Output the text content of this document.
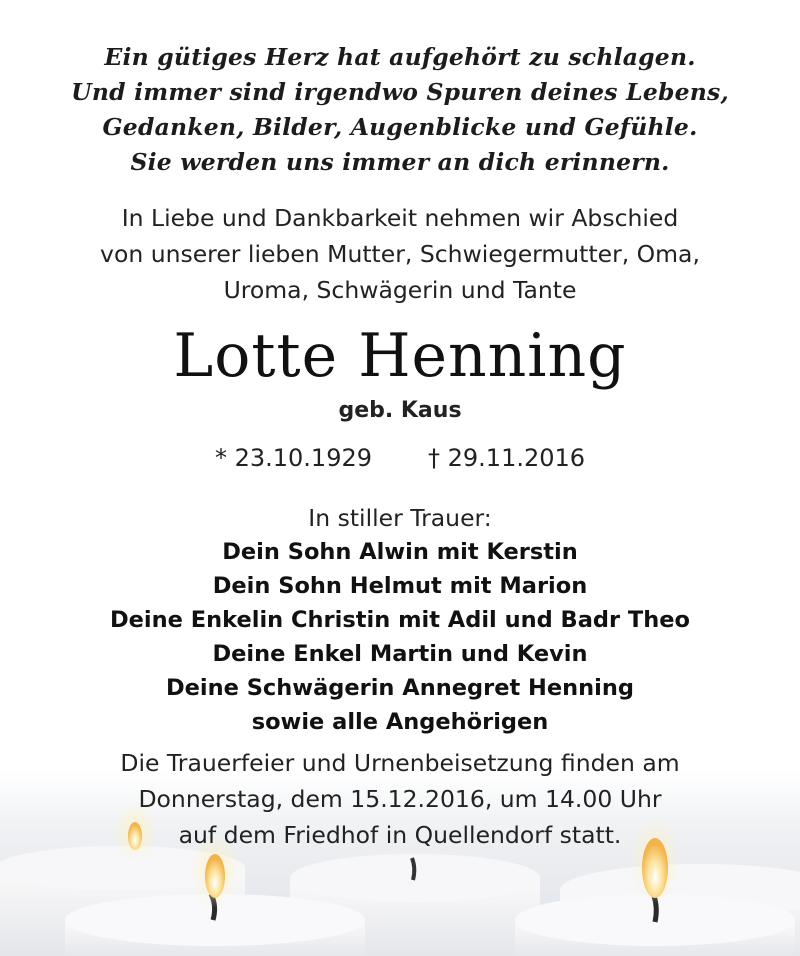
Ein gütiges Herz hat aufgehört zu schlagen.
Und immer sind irgendwo Spuren deines Lebens,
Gedanken, Bilder, Augenblicke und Gefühle.
Sie werden uns immer an dich erinnern.
In Liebe und Dankbarkeit nehmen wir Abschied
von unserer lieben Mutter, Schwiegermutter, Oma,
Uroma, Schwägerin und Tante
Lotte Henning
geb. Kaus
* 23.10.1929 † 29.11.2016
In stiller Trauer:
Dein Sohn Alwin mit Kerstin
Dein Sohn Helmut mit Marion
Deine Enkelin Christin mit Adil und Badr Theo
Deine Enkel Martin und Kevin
Deine Schwägerin Annegret Henning
sowie alle Angehörigen
Die Trauerfeier und Urnenbeisetzung finden am
Donnerstag, dem 15.12.2016, um 14.00 Uhr
auf dem Friedhof in Quellendorf statt.
